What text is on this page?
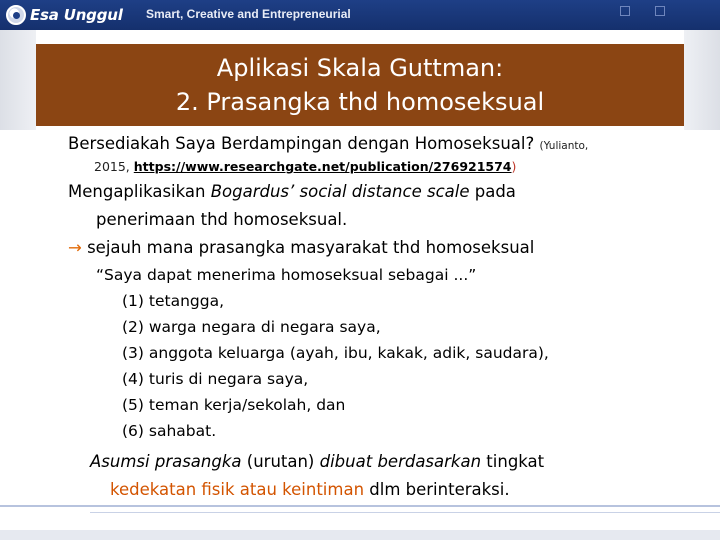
Esa Unggul Smart, Creative and Entrepreneurial
Aplikasi Skala Guttman:
2. Prasangka thd homoseksual
Bersediakah Saya Berdampingan dengan Homoseksual? (Yulianto,
2015, https://www.researchgate.net/publication/276921574)
Mengaplikasikan Bogardus’ social distance scale pada
penerimaan thd homoseksual.
→ sejauh mana prasangka masyarakat thd homoseksual
“Saya dapat menerima homoseksual sebagai ...”
(1) tetangga,
(2) warga negara di negara saya,
(3) anggota keluarga (ayah, ibu, kakak, adik, saudara),
(4) turis di negara saya,
(5) teman kerja/sekolah, dan
(6) sahabat.
Asumsi prasangka (urutan) dibuat berdasarkan tingkat
kedekatan fisik atau keintiman dlm berinteraksi.
